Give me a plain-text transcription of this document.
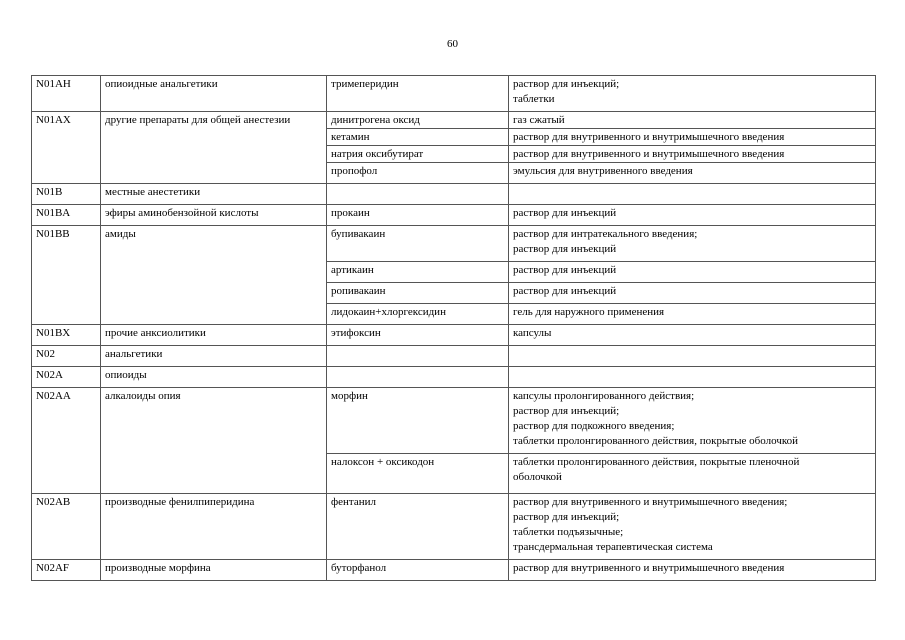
60
N01AH	опиоидные анальгетики	тримеперидин	раствор для инъекций;
таблетки

N01AX	другие препараты для общей анестезии	динитрогена оксид	газ сжатый

		кетамин	раствор для внутривенного и внутримышечного введения

		натрия оксибутират	раствор для внутривенного и внутримышечного введения

		пропофол	эмульсия для внутривенного введения

N01B	местные анестетики		

N01BA	эфиры аминобензойной кислоты	прокаин	раствор для инъекций

N01BB	амиды	бупивакаин	раствор для интратекального введения;
раствор для инъекций

		артикаин	раствор для инъекций

		ропивакаин	раствор для инъекций

		лидокаин+хлоргексидин	гель для наружного применения

N01BX	прочие анксиолитики	этифоксин	капсулы

N02	анальгетики		

N02A	опиоиды		

N02AA	алкалоиды опия	морфин	капсулы пролонгированного действия;
раствор для инъекций;
раствор для подкожного введения;
таблетки пролонгированного действия, покрытые оболочкой

		налоксон + оксикодон	таблетки пролонгированного действия, покрытые пленочной
оболочкой

N02AB	производные фенилпиперидина	фентанил	раствор для внутривенного и внутримышечного введения;
раствор для инъекций;
таблетки подъязычные;
трансдермальная терапевтическая система

N02AF	производные морфина	буторфанол	раствор для внутривенного и внутримышечного введения
